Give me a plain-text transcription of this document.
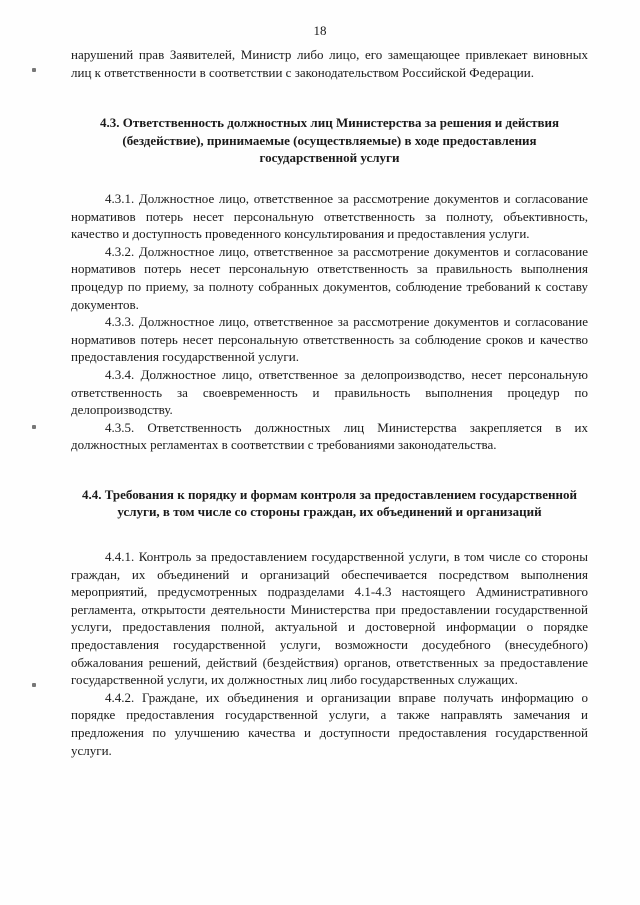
18

нарушений прав Заявителей, Министр либо лицо, его замещающее привлекает виновных лиц к ответственности в соответствии с законодательством Российской Федерации.

4.3. Ответственность должностных лиц Министерства за решения и действия (бездействие), принимаемые (осуществляемые) в ходе предоставления государственной услуги

4.3.1. Должностное лицо, ответственное за рассмотрение документов и согласование нормативов потерь несет персональную ответственность за полноту, объективность, качество и доступность проведенного консультирования и предоставления услуги.

4.3.2. Должностное лицо, ответственное за рассмотрение документов и согласование нормативов потерь несет персональную ответственность за правильность выполнения процедур по приему, за полноту собранных документов, соблюдение требований к составу документов.

4.3.3. Должностное лицо, ответственное за рассмотрение документов и согласование нормативов потерь несет персональную ответственность за соблюдение сроков и качество предоставления государственной услуги.

4.3.4. Должностное лицо, ответственное за делопроизводство, несет персональную ответственность за своевременность и правильность выполнения процедур по делопроизводству.

4.3.5. Ответственность должностных лиц Министерства закрепляется в их должностных регламентах в соответствии с требованиями законодательства.

4.4. Требования к порядку и формам контроля за предоставлением государственной услуги, в том числе со стороны граждан, их объединений и организаций

4.4.1. Контроль за предоставлением государственной услуги, в том числе со стороны граждан, их объединений и организаций обеспечивается посредством выполнения мероприятий, предусмотренных подразделами 4.1-4.3 настоящего Административного регламента, открытости деятельности Министерства при предоставлении государственной услуги, предоставления полной, актуальной и достоверной информации о порядке предоставления государственной услуги, возможности досудебного (внесудебного) обжалования решений, действий (бездействия) органов, ответственных за предоставление государственной услуги, их должностных лиц либо государственных служащих.

4.4.2. Граждане, их объединения и организации вправе получать информацию о порядке предоставления государственной услуги, а также направлять замечания и предложения по улучшению качества и доступности предоставления государственной услуги.
